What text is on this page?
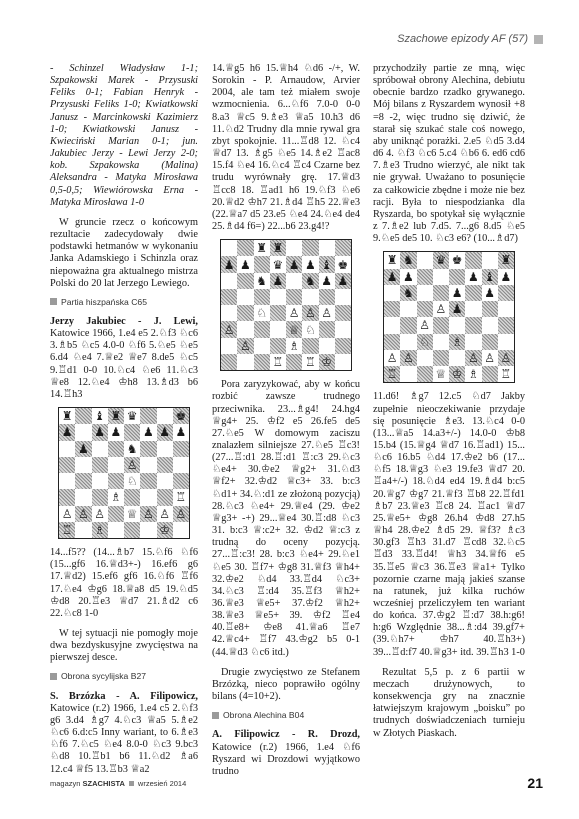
Szachowe epizody AF (57)

- Schinzel Władysław 1-1; Szpakowski Marek - Przysuski Feliks 0-1; Fabian Henryk - Przysuski Feliks 1-0; Kwiatkowski Janusz - Marcinkowski Kazimierz 1-0; Kwiatkowski Janusz - Kwieciński Marian 0-1; jun. Jakubiec Jerzy - Lewi Jerzy 2-0; kob. Szpakowska (Malina) Aleksandra - Matyka Mirosława 0,5-0,5; Wiewiórowska Erna - Matyka Mirosława 1-0

W gruncie rzecz o końcowym rezultacie zadecydowały dwie podstawki hetmanów w wykonaniu Janka Adamskiego i Schinzla oraz niepoważna gra aktualnego mistrza Polski do 20 lat Jerzego Lewiego.

Partia hiszpańska C65

Jerzy Jakubiec - J. Lewi, Katowice 1966, 1.e4 e5 2.♘f3 ♘c6 3.♗b5 ♘c5 4.0-0 ♘f6 5.♘e5 ♘e5 6.d4 ♘e4 7.♕e2 ♕e7 8.de5 ♘c5 9.♖d1 0-0 10.♘c4 ♘e6 11.♘c3 ♕e8 12.♘e4 ♔h8 13.♗d3 b6 14.♖h3

♜ ♝ ♜ ♛	♚
♟ ♟ ♟ ♟ ♟ ♟
♟	♞
♙
♘
♗	♖
♙ ♙ ♙ ♕ ♙ ♙ ♙
♖ ♗	♔

14...f5?? (14...♗b7 15.♘f6 ♘f6 (15...gf6 16.♕d3+-) 16.ef6 g6 17.♕d2) 15.ef6 gf6 16.♘f6 ♖f6 17.♘e4 ♔g6 18.♕a8 d5 19.♘d5 ♔d8 20.♖e3 ♕d7 21.♗d2 c6 22.♘c8 1-0

W tej sytuacji nie pomogły moje dwa bezdyskusyjne zwycięstwa na pierwszej desce.

Obrona sycylijska B27

S. Brzózka - A. Filipowicz, Katowice (r.2) 1966, 1.e4 c5 2.♘f3 g6 3.d4 ♗g7 4.♘c3 ♕a5 5.♗e2 ♘c6 6.d:c5 Inny wariant, to 6.♗e3 ♘f6 7.♘c5 ♘e4 8.0-0 ♘c3 9.bc3 ♘d8 10.♖b1 b6 11.♘d2 ♗a6 12.c4 ♕f5 13.♖b3 ♕a2

14.♕g5 h6 15.♕h4 ♘d6 -/+, W. Sorokin - P. Arnaudow, Arvier 2004, ale tam też miałem swoje wzmocnienia. 6...♘f6 7.0-0 0-0 8.a3 ♕c5 9.♗e3 ♕a5 10.h3 d6 11.♘d2 Trudny dla mnie rywal gra zbyt spokojnie. 11...♖d8 12. ♘c4 ♕d7 13. ♗g5 ♘e5 14.♗e2 ♖ac8 15.f4 ♘e4 16.♘c4 ♖c4 Czarne bez trudu wyrównały grę. 17.♕d3 ♖cc8 18. ♖ad1 h6 19.♘f3 ♘e6 20.♕d2 ♔h7 21.♗d4 ♖h5 22.♕e3 (22.♕a7 d5 23.e5 ♘e4 24.♘e4 de4 25.♗d4 f6=) 22...b6 23.g4!?

♜ ♜
♟ ♟ ♛ ♟ ♟ ♝ ♚
♞ ♟ ♞ ♟ ♟
♘ ♙ ♙ ♙
♙	♕ ♘
♙	♗
♖ ♖ ♔

Pora zaryzykować, aby w końcu rozbić zawsze trudnego przeciwnika. 23...♗g4! 24.hg4 ♕g4+ 25. ♔f2 e5 26.fe5 de5 27.♘e5 W domowym zaciszu znalazłem silniejsze 27.♘e5 ♖c3! (27...♖:d1 28.♖:d1 ♖:c3 29.♘c3 ♘e4+ 30.♔e2 ♕g2+ 31.♘d3 ♕f2+ 32.♔d2 ♕c3+ 33. b:c3 ♘d1+ 34.♘:d1 ze złożoną pozycją) 28.♘c3 ♘e4+ 29.♕e4 (29. ♔e2 ♕g3+ -+) 29...♕e4 30.♖:d8 ♘c3 31. b:c3 ♕:c2+ 32. ♔d2 ♕:c3 z trudną do oceny pozycją. 27...♖:c3! 28. b:c3 ♘e4+ 29.♘e1 ♘e5 30. ♖f7+ ♔g8 31.♕f3 ♕h4+ 32.♔e2 ♘d4 33.♖d4 ♘c3+ 34.♘c3 ♖:d4 35.♖f3 ♕h2+ 36.♕e3 ♕e5+ 37.♔f2 ♕h2+ 38.♕e3 ♕e5+ 39. ♔f2 ♖e4 40.♖e8+ ♔e8 41.♕a6 ♖e7 42.♕c4+ ♖f7 43.♔g2 b5 0-1 (44.♕d3 ♘c6 itd.)

Drugie zwycięstwo ze Stefanem Brzózką, nieco poprawiło ogólny bilans (4=10+2).

Obrona Alechina B04

A. Filipowicz - R. Drozd, Katowice (r.2) 1966, 1.e4 ♘f6 Ryszard wi Drozdowi wyjątkowo trudno

przychodziły partie ze mną, więc spróbował obrony Alechina, debiutu obecnie bardzo rzadko grywanego. Mój bilans z Ryszardem wynosił +8 =8 -2, więc trudno się dziwić, że starał się szukać stale coś nowego, aby uniknąć porażki. 2.e5 ♘d5 3.d4 d6 4. ♘f3 ♘c6 5.c4 ♘b6 6. ed6 cd6 7.♗e3 Trudno wierzyć, ale nikt tak nie grywał. Uważano to posunięcie za całkowicie zbędne i może nie bez racji. Była to niespodzianka dla Ryszarda, bo spotykał się wyłącznie z 7.♗e2 lub 7.d5. 7...g6 8.d5 ♘e5 9.♘e5 de5 10. ♘c3 e6? (10...♗d7)

♜ ♞ ♛ ♚	♜
♟ ♟	♟ ♝ ♟
♞	♟ ♟
♙ ♟
♙
♘ ♗
♙ ♙	♙ ♙ ♙
♖	♕ ♔ ♗ ♖

11.d6! ♗g7 12.c5 ♘d7 Jakby zupełnie nieoczekiwanie przydaje się posunięcie ♗e3. 13.♘c4 0-0 (13...♕a5 14.a3+/-) 14.0-0 ♔b8 15.b4 (15.♕g4 ♕d7 16.♖ad1) 15... ♘c6 16.b5 ♘d4 17.♔e2 b6 (17... ♘f5 18.♕g3 ♘e3 19.fe3 ♕d7 20. ♖a4+/-) 18.♘d4 ed4 19.♗d4 b:c5 20.♕g7 ♔g7 21.♕f3 ♖b8 22.♖fd1 ♗b7 23.♕e3 ♖c8 24. ♖ac1 ♕d7 25.♕e5+ ♔g8 26.h4 ♔d8 27.h5 ♕h4 28.♔e2 ♗d5 29. ♕f3? ♗c3 30.gf3 ♖h3 31.d7 ♖cd8 32.♘c5 ♖d3 33.♖d4! ♕h3 34.♕f6 e5 35.♖e5 ♕c3 36.♖e3 ♕a1+ Tylko pozornie czarne mają jakieś szanse na ratunek, już kilka ruchów wcześniej przeliczyłem ten wariant do końca. 37.♔g2 ♖:d7 38.h:g6! h:g6 Względnie 38...♗:d4 39.gf7+ (39.♘h7+ ♔h7 40.♖h3+) 39...♖d:f7 40.♕g3+ itd. 39.♖h3 1-0

Rezultat 5,5 p. z 6 partii w meczach drużynowych, to konsekwencja gry na znacznie łatwiejszym krajowym „boisku” po trudnych doświadczeniach turnieju w Złotych Piaskach.

magazyn SZACHISTA wrzesień 2014	21
